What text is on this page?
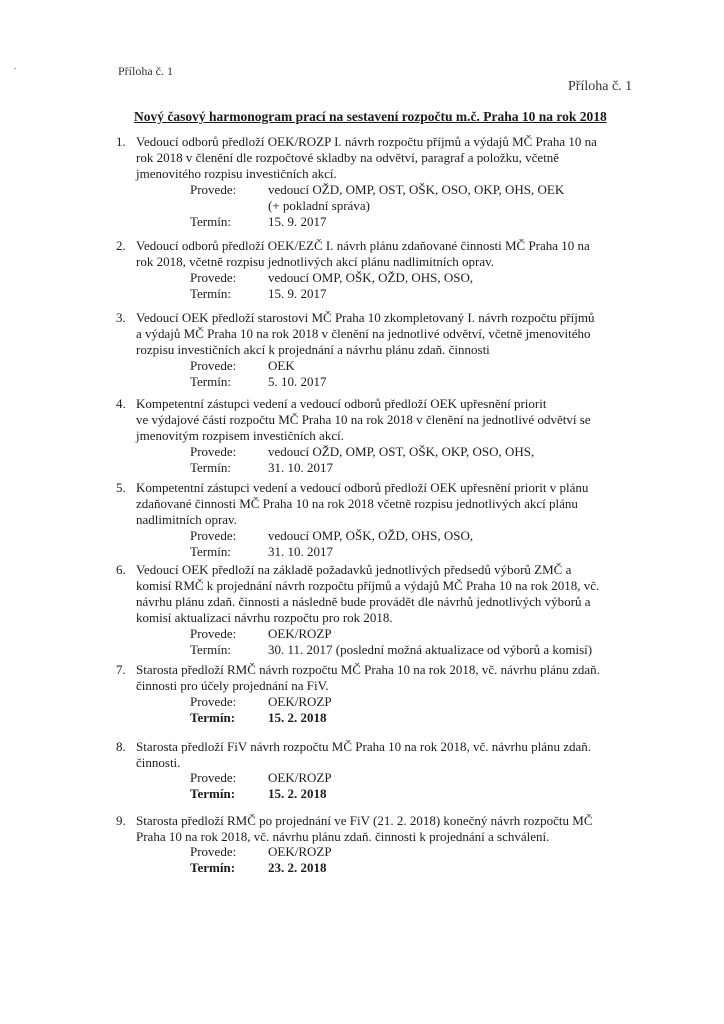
Příloha č. 1
Příloha č. 1
Nový časový harmonogram prací na sestavení rozpočtu m.č. Praha 10 na rok 2018
1. Vedoucí odborů předloží OEK/ROZP I. návrh rozpočtu příjmů a výdajů MČ Praha 10 na
rok 2018 v členění dle rozpočtové skladby na odvětví, paragraf a položku, včetně
jmenovitého rozpisu investičních akcí.
Provede: vedoucí OŽD, OMP, OST, OŠK, OSO, OKP, OHS, OEK
(+ pokladní správa)
Termín:	15. 9. 2017
2. Vedoucí odborů předloží OEK/EZČ I. návrh plánu zdaňované činnosti MČ Praha 10 na
rok 2018, včetně rozpisu jednotlivých akcí plánu nadlimitních oprav.
Provede: vedoucí OMP, OŠK, OŽD, OHS, OSO,
Termín:	15. 9. 2017
3. Vedoucí OEK předloží starostovi MČ Praha 10 zkompletovaný I. návrh rozpočtu příjmů
a výdajů MČ Praha 10 na rok 2018 v členění na jednotlivé odvětví, včetně jmenovitého
rozpisu investičních akcí k projednání a návrhu plánu zdaň. činnosti
Provede: OEK
Termín:	5. 10. 2017
4. Kompetentní zástupci vedení a vedoucí odborů předloží OEK upřesnění priorit
ve výdajové části rozpočtu MČ Praha 10 na rok 2018 v členění na jednotlivé odvětví se
jmenovitým rozpisem investičních akcí.
Provede: vedoucí OŽD, OMP, OST, OŠK, OKP, OSO, OHS,
Termín:	31. 10. 2017
5. Kompetentní zástupci vedení a vedoucí odborů předloží OEK upřesnění priorit v plánu
zdaňované činnosti MČ Praha 10 na rok 2018 včetně rozpisu jednotlivých akcí plánu
nadlimitních oprav.
Provede: vedoucí OMP, OŠK, OŽD, OHS, OSO,
Termín:	31. 10. 2017
6. Vedoucí OEK předloží na základě požadavků jednotlivých předsedů výborů ZMČ a
komisí RMČ k projednání návrh rozpočtu příjmů a výdajů MČ Praha 10 na rok 2018, vč.
návrhu plánu zdaň. činnosti a následně bude provádět dle návrhů jednotlivých výborů a
komisí aktualizaci návrhu rozpočtu pro rok 2018.
Provede: OEK/ROZP
Termín:	30. 11. 2017 (poslední možná aktualizace od výborů a komisí)
7. Starosta předloží RMČ návrh rozpočtu MČ Praha 10 na rok 2018, vč. návrhu plánu zdaň.
činnosti pro účely projednání na FiV.
Provede: OEK/ROZP
Termín:	15. 2. 2018
8. Starosta předloží FiV návrh rozpočtu MČ Praha 10 na rok 2018, vč. návrhu plánu zdaň.
činnosti.
Provede: OEK/ROZP
Termín:	15. 2. 2018
9. Starosta předloží RMČ po projednání ve FiV (21. 2. 2018) konečný návrh rozpočtu MČ
Praha 10 na rok 2018, vč. návrhu plánu zdaň. činnosti k projednání a schválení.
Provede: OEK/ROZP
Termín:	23. 2. 2018
